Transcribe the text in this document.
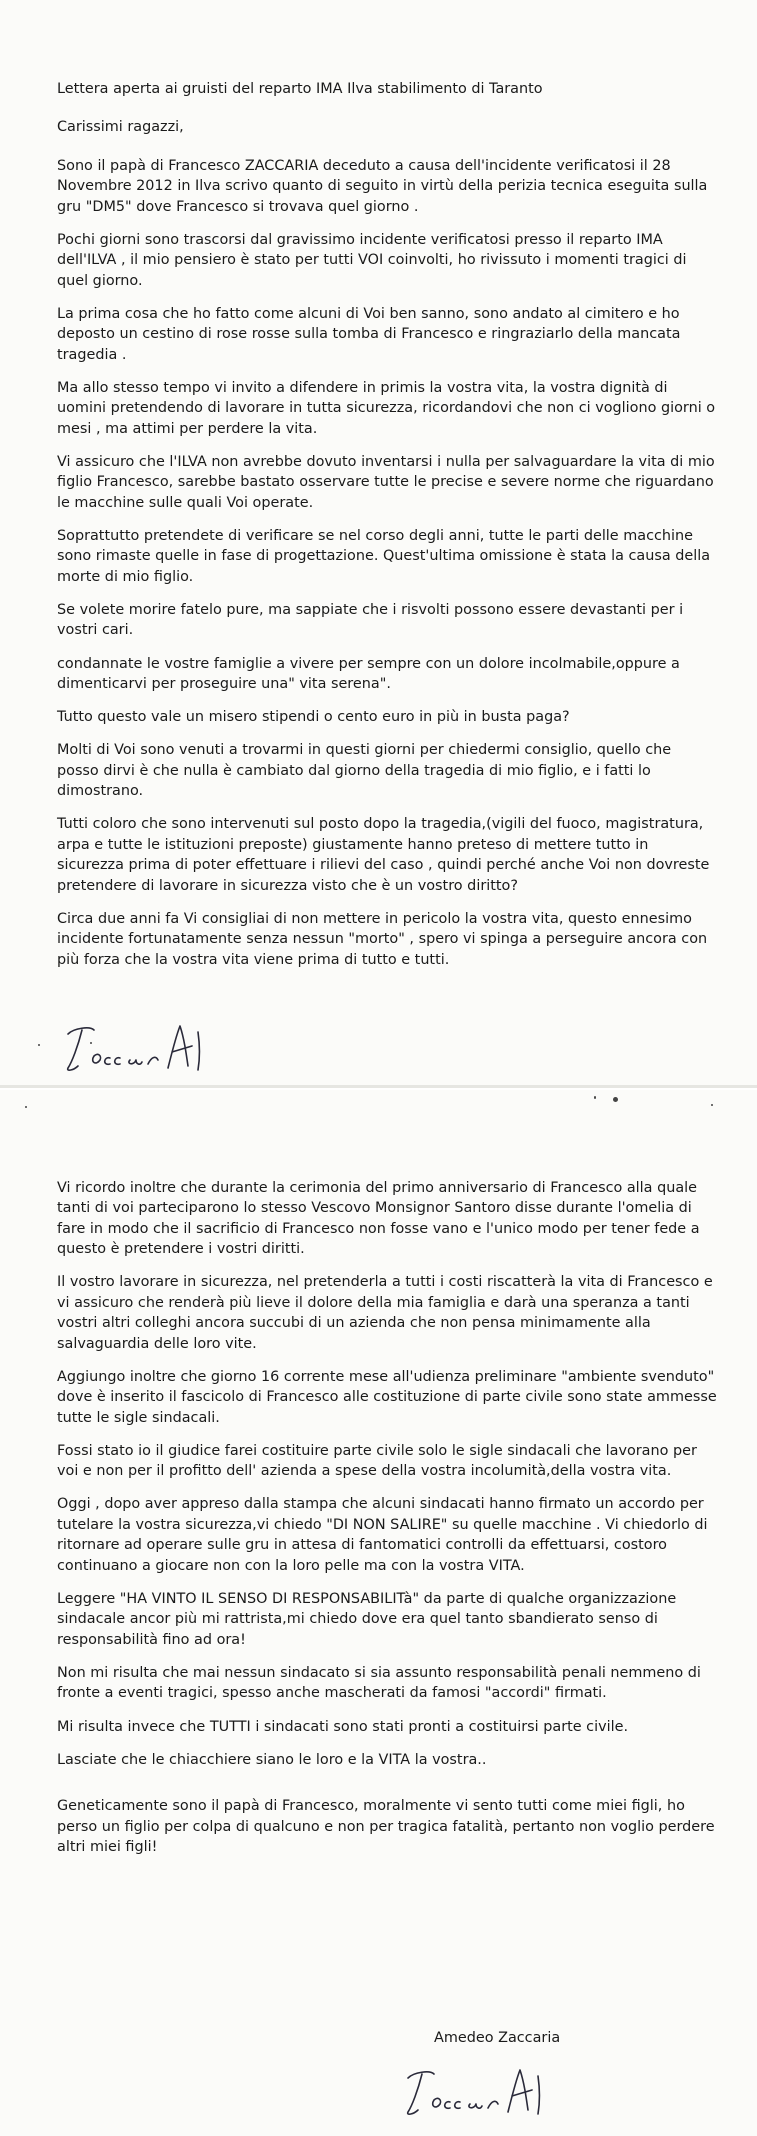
Lettera aperta ai gruisti del reparto IMA Ilva stabilimento di Taranto

Carissimi ragazzi,

Sono il papà di Francesco ZACCARIA deceduto a causa dell'incidente verificatosi il 28 Novembre 2012 in Ilva scrivo quanto di seguito in virtù della perizia tecnica eseguita sulla gru "DM5" dove Francesco si trovava quel giorno .

Pochi giorni sono trascorsi dal gravissimo incidente verificatosi presso il reparto IMA dell'ILVA , il mio pensiero è stato per tutti VOI coinvolti, ho rivissuto i momenti tragici di quel giorno.

La prima cosa che ho fatto come alcuni di Voi ben sanno, sono andato al cimitero e ho deposto un cestino di rose rosse sulla tomba di Francesco e ringraziarlo della mancata tragedia .

Ma allo stesso tempo vi invito a difendere in primis la vostra vita, la vostra dignità di uomini pretendendo di lavorare in tutta sicurezza, ricordandovi che non ci vogliono giorni o mesi , ma attimi per perdere la vita.

Vi assicuro che l'ILVA non avrebbe dovuto inventarsi i nulla per salvaguardare la vita di mio figlio Francesco, sarebbe bastato osservare tutte le precise e severe norme che riguardano le macchine sulle quali Voi operate.

Soprattutto pretendete di verificare se nel corso degli anni, tutte le parti delle macchine sono rimaste quelle in fase di progettazione. Quest'ultima omissione è stata la causa della morte di mio figlio.

Se volete morire fatelo pure, ma sappiate che i risvolti possono essere devastanti per i vostri cari.

condannate le vostre famiglie a vivere per sempre con un dolore incolmabile,oppure a dimenticarvi per proseguire una" vita serena".

Tutto questo vale un misero stipendi o cento euro in più in busta paga?

Molti di Voi sono venuti a trovarmi in questi giorni per chiedermi consiglio, quello che posso dirvi è che nulla è cambiato dal giorno della tragedia di mio figlio, e i fatti lo dimostrano.

Tutti coloro che sono intervenuti sul posto dopo la tragedia,(vigili del fuoco, magistratura, arpa e tutte le istituzioni preposte) giustamente hanno preteso di mettere tutto in sicurezza prima di poter effettuare i rilievi del caso , quindi perché anche Voi non dovreste pretendere di lavorare in sicurezza visto che è un vostro diritto?

Circa due anni fa Vi consigliai di non mettere in pericolo la vostra vita, questo ennesimo incidente fortunatamente senza nessun "morto" , spero vi spinga a perseguire ancora con più forza che la vostra vita viene prima di tutto e tutti.

Vi ricordo inoltre che durante la cerimonia del primo anniversario di Francesco alla quale tanti di voi parteciparono lo stesso Vescovo Monsignor Santoro disse durante l'omelia di fare in modo che il sacrificio di Francesco non fosse vano e l'unico modo per tener fede a questo è pretendere i vostri diritti.

Il vostro lavorare in sicurezza, nel pretenderla a tutti i costi riscatterà la vita di Francesco e vi assicuro che renderà più lieve il dolore della mia famiglia e darà una speranza a tanti vostri altri colleghi ancora succubi di un azienda che non pensa minimamente alla salvaguardia delle loro vite.

Aggiungo inoltre che giorno 16 corrente mese all'udienza preliminare "ambiente svenduto" dove è inserito il fascicolo di Francesco alle costituzione di parte civile sono state ammesse tutte le sigle sindacali.

Fossi stato io il giudice farei costituire parte civile solo le sigle sindacali che lavorano per voi e non per il profitto dell' azienda a spese della vostra incolumità,della vostra vita.

Oggi , dopo aver appreso dalla stampa che alcuni sindacati hanno firmato un accordo per tutelare la vostra sicurezza,vi chiedo "DI NON SALIRE" su quelle macchine . Vi chiedorlo di ritornare ad operare sulle gru in attesa di fantomatici controlli da effettuarsi, costoro continuano a giocare non con la loro pelle ma con la vostra VITA.

Leggere "HA VINTO IL SENSO DI RESPONSABILITà" da parte di qualche organizzazione sindacale ancor più mi rattrista,mi chiedo dove era quel tanto sbandierato senso di responsabilità fino ad ora!

Non mi risulta che mai nessun sindacato si sia assunto responsabilità penali nemmeno di fronte a eventi tragici, spesso anche mascherati da famosi "accordi" firmati.

Mi risulta invece che TUTTI i sindacati sono stati pronti a costituirsi parte civile.

Lasciate che le chiacchiere siano le loro e la VITA la vostra..

Geneticamente sono il papà di Francesco, moralmente vi sento tutti come miei figli, ho perso un figlio per colpa di qualcuno e non per tragica fatalità, pertanto non voglio perdere altri miei figli!

Amedeo Zaccaria
